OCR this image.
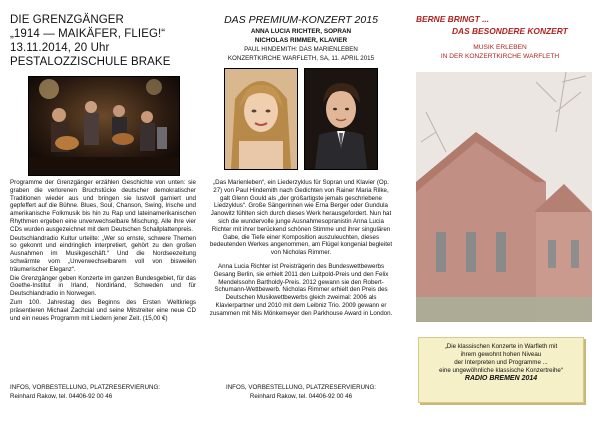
DIE GRENZGÄNGER
„1914 — MAIKÄFER, FLIEG!“
13.11.2014, 20 Uhr
PESTALOZZISCHULE BRAKE

Programme der Grenzgänger erzählen Geschichte von unten: sie graben die verlorenen Bruchstücke deutscher demokratischer Traditionen wieder aus und bringen sie lustvoll garniert und gepfeffert auf die Bühne. Blues, Soul, Chanson, Swing, Irische und amerikanische Folkmusik bis hin zu Rap und lateinamerikanischen Rhythmen ergeben eine unverwechselbare Mischung. Alle ihre vier CDs wurden ausgezeichnet mit dem Deutschen Schallplattenpreis.

Deutschlandradio Kultur urteilte: „Wer so ernste, schwere Themen so gekonnt und eindringlich interpretiert, gehört zu den großen Ausnahmen im Musikgeschäft.“ Und die Nordseezeitung schwärmte vom „Unverwechselbarem voll von bisweilen träumerischer Eleganz“.

Die Grenzgänger geben Konzerte im ganzen Bundesgebiet, für das Goethe-Institut in Irland, Nordirland, Schweden und für Deutschlandradio in Norwegen.

Zum 100. Jahrestag des Beginns des Ersten Weltkriegs präsentieren Michael Zachcial und seine Mitstreiter eine neue CD und ein neues Programm mit Liedern jener Zeit. (15,00 €)

INFOS, VORBESTELLUNG, PLATZRESERVIERUNG:
Reinhard Rakow, tel. 04406-92 00 46
DAS PREMIUM-KONZERT 2015
ANNA LUCIA RICHTER, SOPRAN
NICHOLAS RIMMER, KLAVIER
PAUL HINDEMITH: DAS MARIENLEBEN
KONZERTKIRCHE WARFLETH, SA, 11. APRIL 2015

„Das Marienleben“, ein Liederzyklus für Sopran und Klavier (Op. 27) von Paul Hindemith nach Gedichten von Rainer Maria Rilke, galt Glenn Gould als „der großartigste jemals geschriebene Liedzyklus“. Große Sängerinnen wie Erna Berger oder Gundula Janowitz fühlten sich durch dieses Werk herausgefordert. Nun hat sich die wundervolle junge Ausnahmesopranistin Anna Lucia Richter mit ihrer berückend schönen Stimme und ihrer singulären Gabe, die Tiefe einer Komposition auszuleuchten, dieses bedeutenden Werkes angenommen, am Flügel kongenial begleitet von Nicholas Rimmer.

Anna Lucia Richter ist Preisträgerin des Bundeswettbewerbs Gesang Berlin, sie erhielt 2011 den Luitpold-Preis und den Felix Mendelssohn Bartholdy-Preis. 2012 gewann sie den Robert-Schumann-Wettbewerb. Nicholas Rimmer erhielt den Preis des Deutschen Musikwettbewerbs gleich zweimal: 2006 als Klavierpartner und 2010 mit dem Leibniz Trio. 2009 gewann er zusammen mit Nils Mönkemeyer den Parkhouse Award in London.

INFOS, VORBESTELLUNG, PLATZRESERVIERUNG:
Reinhard Rakow, tel. 04406-92 00 46
BERNE BRINGT ...
DAS BESONDERE KONZERT
MUSIK ERLEBEN
IN DER KONZERTKIRCHE WARFLETH
„Die klassischen Konzerte in Warfleth mit
ihrem gewohnt hohen Niveau
der Interpreten und Programme ...
eine ungewöhnliche klassische Konzertreihe“
RADIO BREMEN 2014
